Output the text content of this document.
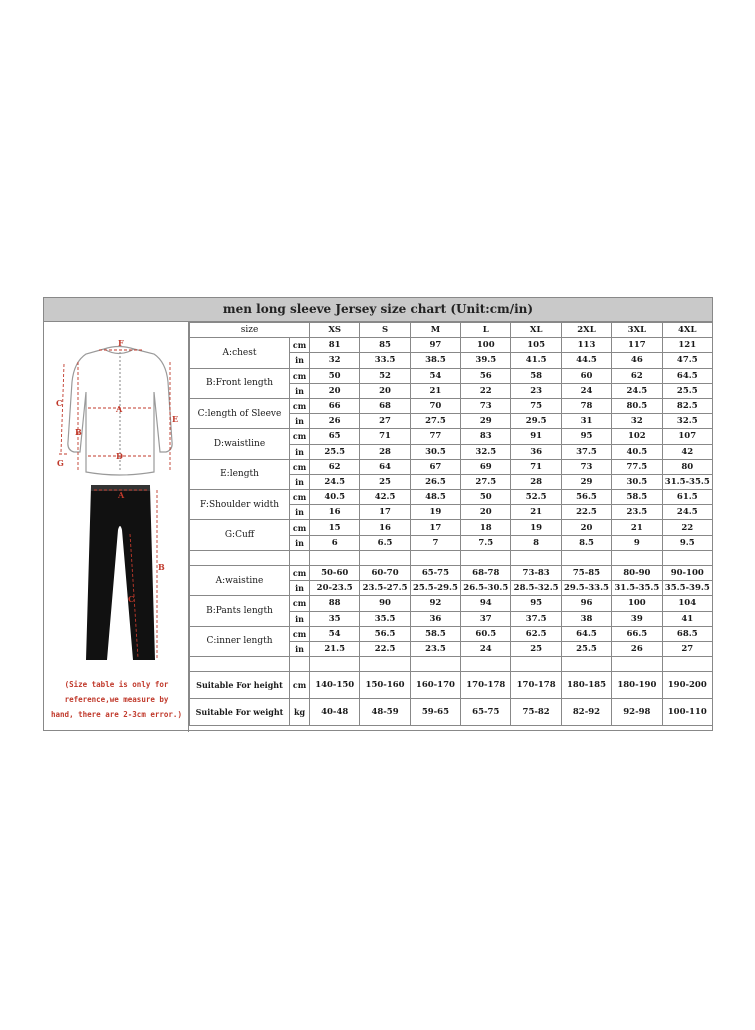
men long sleeve Jersey size chart (Unit:cm/in)
F
A
B
C
D
E
G
A
B
C
(Size table is only for
reference,we measure by
hand, there are 2-3cm error.)
size		XS	S	M	L	XL	2XL	3XL	4XL
A:chest	cm	81	85	97	100	105	113	117	121
	in	32	33.5	38.5	39.5	41.5	44.5	46	47.5
B:Front length	cm	50	52	54	56	58	60	62	64.5
	in	20	20	21	22	23	24	24.5	25.5
C:length of Sleeve	cm	66	68	70	73	75	78	80.5	82.5
	in	26	27	27.5	29	29.5	31	32	32.5
D:waistline	cm	65	71	77	83	91	95	102	107
	in	25.5	28	30.5	32.5	36	37.5	40.5	42
E:length	cm	62	64	67	69	71	73	77.5	80
	in	24.5	25	26.5	27.5	28	29	30.5	31.5-35.5
F:Shoulder width	cm	40.5	42.5	48.5	50	52.5	56.5	58.5	61.5
	in	16	17	19	20	21	22.5	23.5	24.5
G:Cuff	cm	15	16	17	18	19	20	21	22
	in	6	6.5	7	7.5	8	8.5	9	9.5

A:waistine	cm	50-60	60-70	65-75	68-78	73-83	75-85	80-90	90-100
	in	20-23.5	23.5-27.5	25.5-29.5	26.5-30.5	28.5-32.5	29.5-33.5	31.5-35.5	35.5-39.5
B:Pants length	cm	88	90	92	94	95	96	100	104
	in	35	35.5	36	37	37.5	38	39	41
C:inner length	cm	54	56.5	58.5	60.5	62.5	64.5	66.5	68.5
	in	21.5	22.5	23.5	24	25	25.5	26	27

Suitable For height	cm	140-150	150-160	160-170	170-178	170-178	180-185	180-190	190-200
Suitable For weight	kg	40-48	48-59	59-65	65-75	75-82	82-92	92-98	100-110
